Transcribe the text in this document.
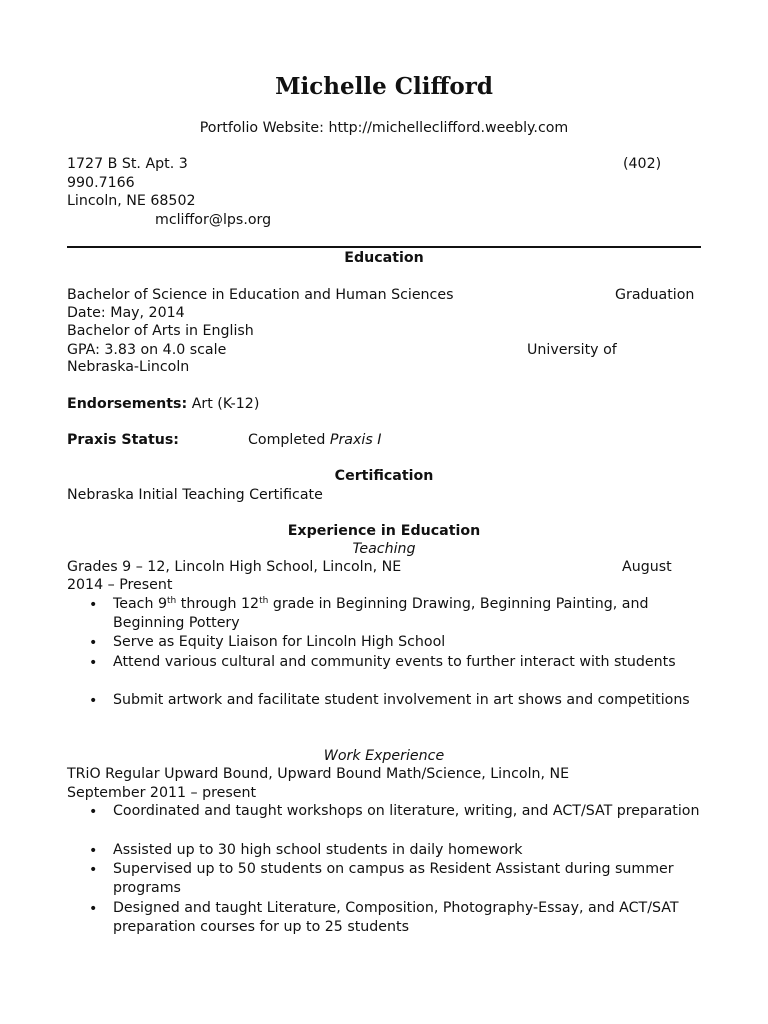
Michelle Clifford
Portfolio Website: http://michelleclifford.weebly.com
1727 B St. Apt. 3	(402)
990.7166
Lincoln, NE 68502
mcliffor@lps.org
Education
Bachelor of Science in Education and Human Sciences	Graduation
Date: May, 2014
Bachelor of Arts in English
GPA: 3.83 on 4.0 scale	University of
Nebraska-Lincoln
Endorsements: Art (K-12)
Praxis Status:	Completed Praxis I
Certification
Nebraska Initial Teaching Certificate
Experience in Education
Teaching
Grades 9 – 12, Lincoln High School, Lincoln, NE	August
2014 – Present
• Teach 9th through 12th grade in Beginning Drawing, Beginning Painting, and Beginning Pottery
• Serve as Equity Liaison for Lincoln High School
• Attend various cultural and community events to further interact with students
• Submit artwork and facilitate student involvement in art shows and competitions
Work Experience
TRiO Regular Upward Bound, Upward Bound Math/Science, Lincoln, NE
September 2011 – present
• Coordinated and taught workshops on literature, writing, and ACT/SAT preparation
• Assisted up to 30 high school students in daily homework
• Supervised up to 50 students on campus as Resident Assistant during summer programs
• Designed and taught Literature, Composition, Photography-Essay, and ACT/SAT preparation courses for up to 25 students
